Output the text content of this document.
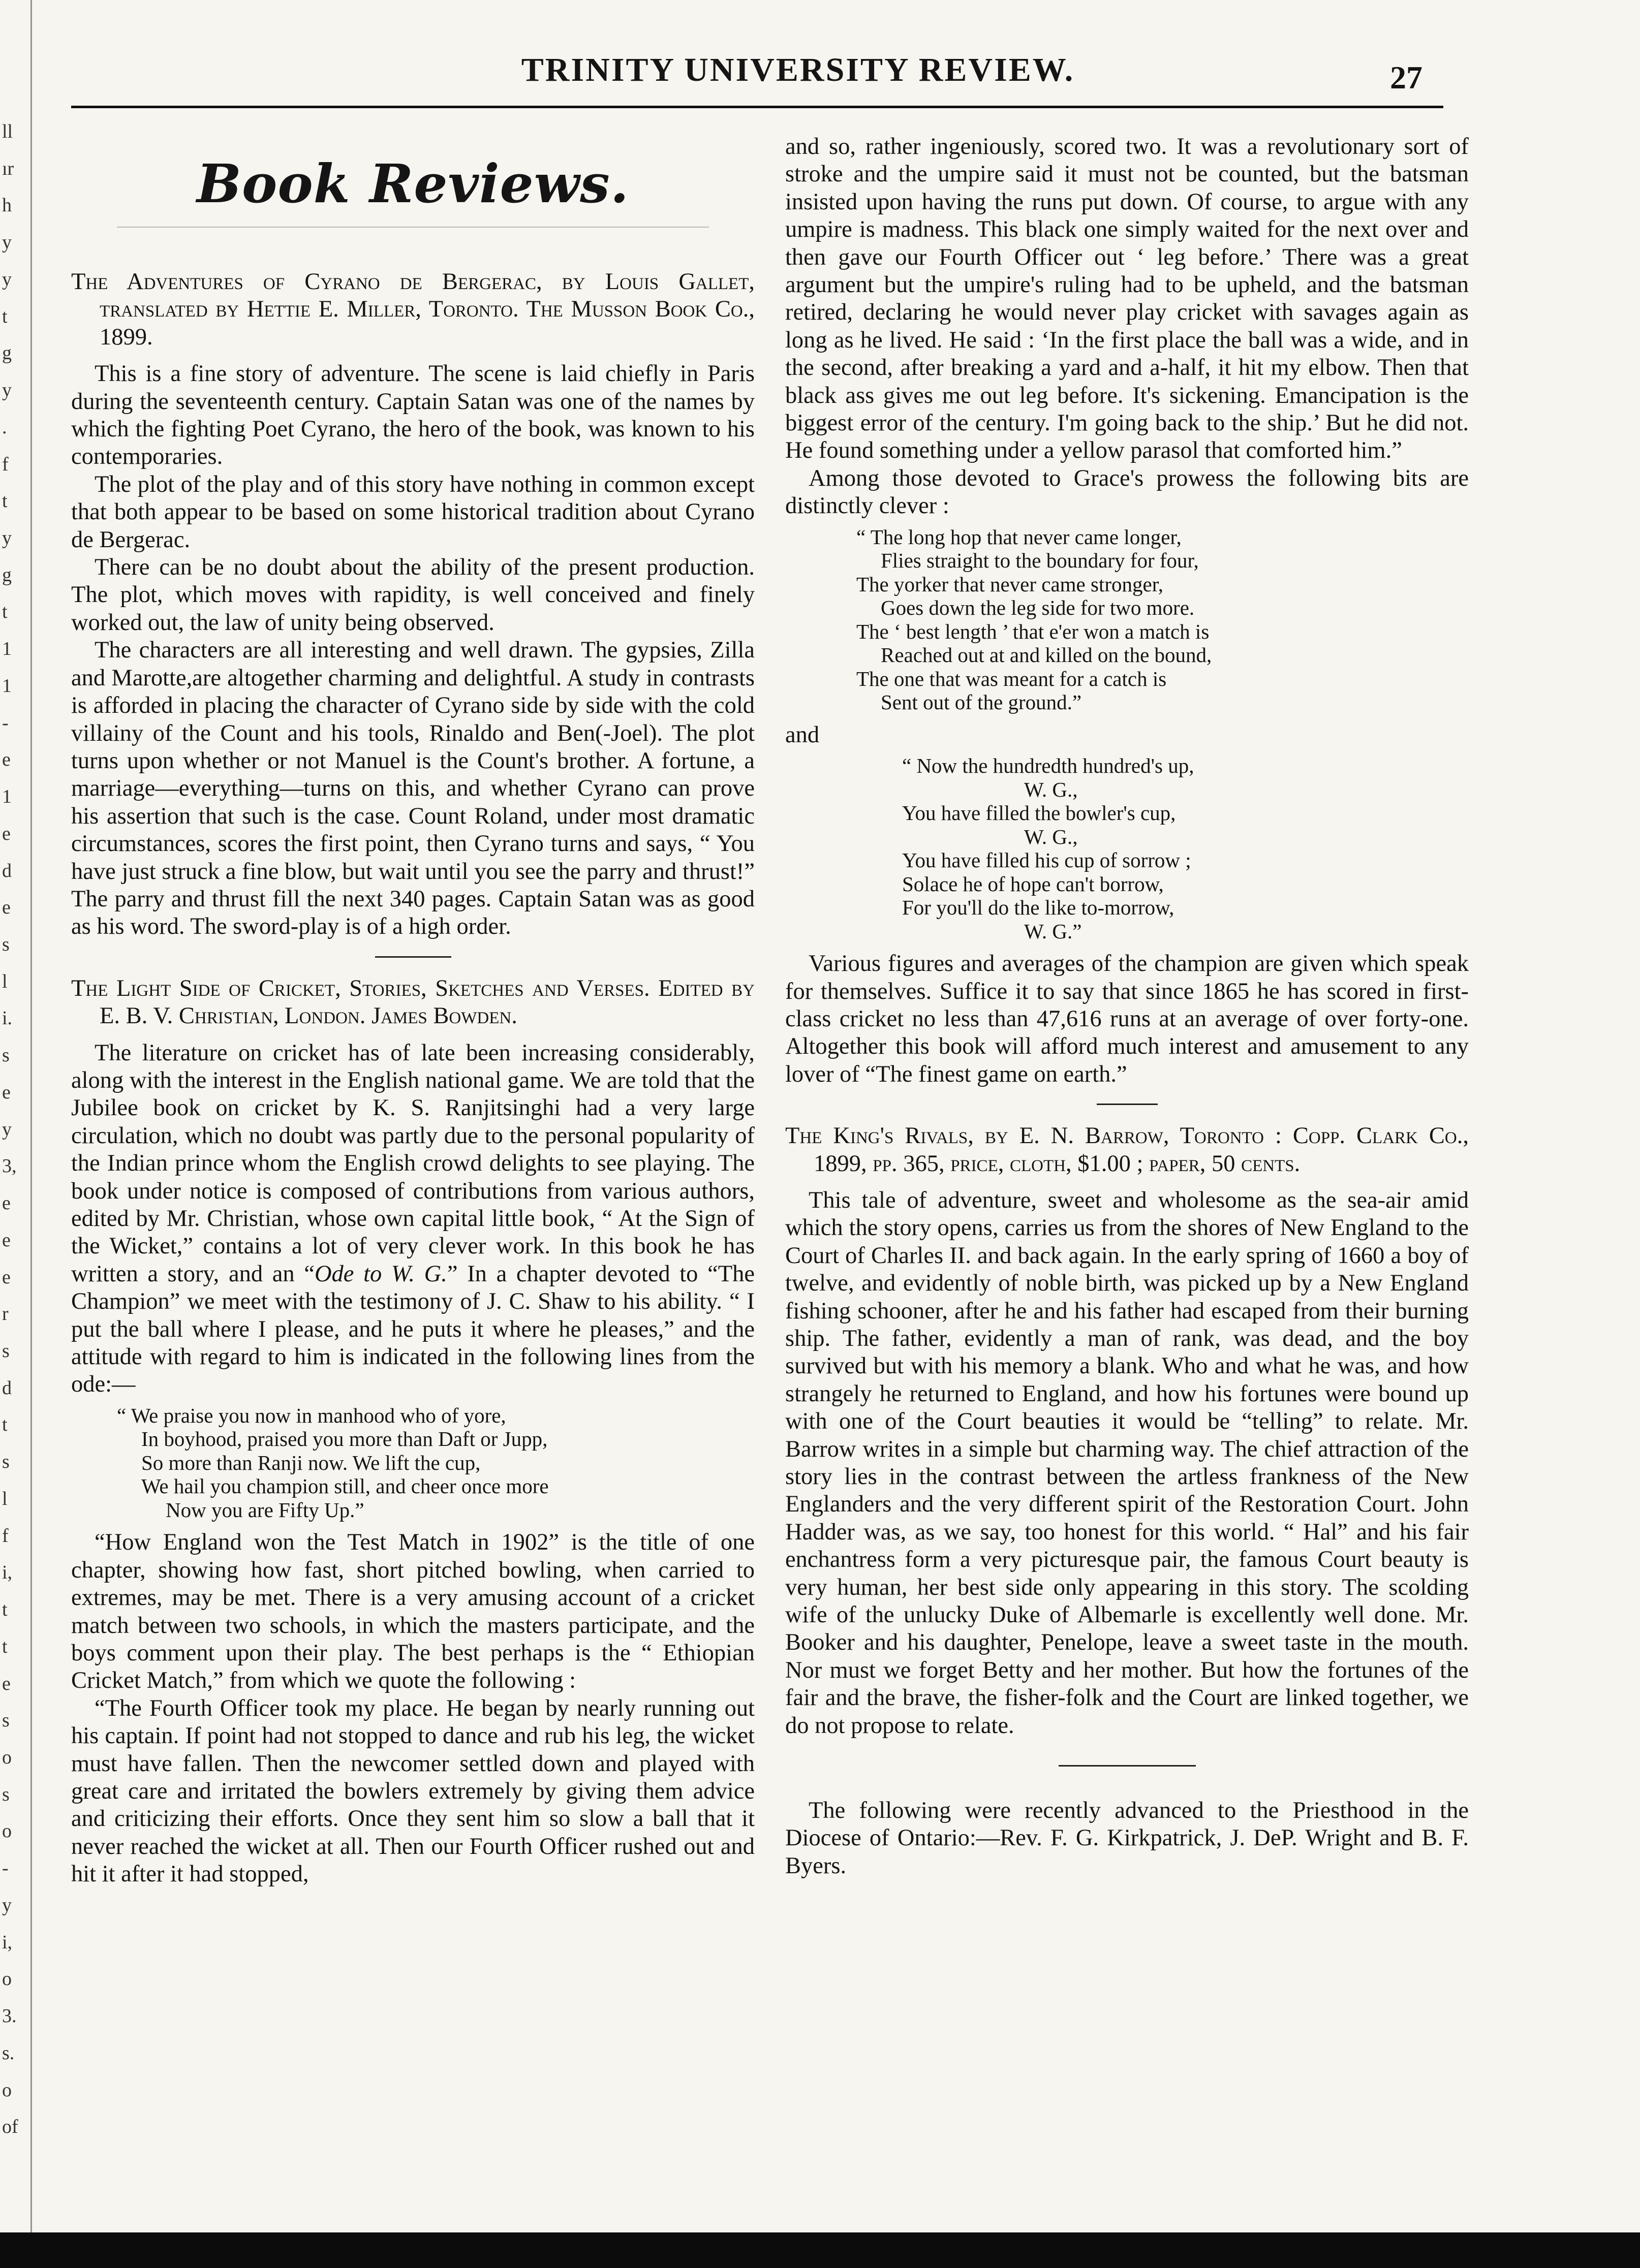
ll
ır
h
y
y
t
g
y
.
f
t
y
g
t
1
1
-
e
1
e
d
e
s
l
i.
s
e
y
3,
e
e
e
r
s
d
t
s
l
f
i,
t
t
e
s
o
s
o
-
y
i,
o
3.
s.
o
of
TRINITY UNIVERSITY REVIEW.	27
Book Reviews.

The Adventures of Cyrano de Bergerac, by Louis Gallet, translated by Hettie E. Miller, Toronto. The Musson Book Co., 1899.

This is a fine story of adventure. The scene is laid chiefly in Paris during the seventeenth century. Captain Satan was one of the names by which the fighting Poet Cyrano, the hero of the book, was known to his contemporaries.

The plot of the play and of this story have nothing in common except that both appear to be based on some historical tradition about Cyrano de Bergerac.

There can be no doubt about the ability of the present production. The plot, which moves with rapidity, is well conceived and finely worked out, the law of unity being observed.

The characters are all interesting and well drawn. The gypsies, Zilla and Marotte,are altogether charming and delightful. A study in contrasts is afforded in placing the character of Cyrano side by side with the cold villainy of the Count and his tools, Rinaldo and Ben(-Joel). The plot turns upon whether or not Manuel is the Count's brother. A fortune, a marriage—everything—turns on this, and whether Cyrano can prove his assertion that such is the case. Count Roland, under most dramatic circumstances, scores the first point, then Cyrano turns and says, “ You have just struck a fine blow, but wait until you see the parry and thrust!” The parry and thrust fill the next 340 pages. Captain Satan was as good as his word. The sword-play is of a high order.

The Light Side of Cricket, Stories, Sketches and Verses. Edited by E. B. V. Christian, London. James Bowden.

The literature on cricket has of late been increasing considerably, along with the interest in the English national game. We are told that the Jubilee book on cricket by K. S. Ranjitsinghi had a very large circulation, which no doubt was partly due to the personal popularity of the Indian prince whom the English crowd delights to see playing. The book under notice is composed of contributions from various authors, edited by Mr. Christian, whose own capital little book, “ At the Sign of the Wicket,” contains a lot of very clever work. In this book he has written a story, and an “Ode to W. G.” In a chapter devoted to “The Champion” we meet with the testimony of J. C. Shaw to his ability. “ I put the ball where I please, and he puts it where he pleases,” and the attitude with regard to him is indicated in the following lines from the ode:—

“ We praise you now in manhood who of yore,
In boyhood, praised you more than Daft or Jupp,
So more than Ranji now. We lift the cup,
We hail you champion still, and cheer once more
Now you are Fifty Up.”

“How England won the Test Match in 1902” is the title of one chapter, showing how fast, short pitched bowling, when carried to extremes, may be met. There is a very amusing account of a cricket match between two schools, in which the masters participate, and the boys comment upon their play. The best perhaps is the “ Ethiopian Cricket Match,” from which we quote the following :

“The Fourth Officer took my place. He began by nearly running out his captain. If point had not stopped to dance and rub his leg, the wicket must have fallen. Then the newcomer settled down and played with great care and irritated the bowlers extremely by giving them advice and criticizing their efforts. Once they sent him so slow a ball that it never reached the wicket at all. Then our Fourth Officer rushed out and hit it after it had stopped,

and so, rather ingeniously, scored two. It was a revolutionary sort of stroke and the umpire said it must not be counted, but the batsman insisted upon having the runs put down. Of course, to argue with any umpire is madness. This black one simply waited for the next over and then gave our Fourth Officer out ‘ leg before.’ There was a great argument but the umpire's ruling had to be upheld, and the batsman retired, declaring he would never play cricket with savages again as long as he lived. He said : ‘In the first place the ball was a wide, and in the second, after breaking a yard and a-half, it hit my elbow. Then that black ass gives me out leg before. It's sickening. Emancipation is the biggest error of the century. I'm going back to the ship.’ But he did not. He found something under a yellow parasol that comforted him.”

Among those devoted to Grace's prowess the following bits are distinctly clever :

“ The long hop that never came longer,
Flies straight to the boundary for four,
The yorker that never came stronger,
Goes down the leg side for two more.
The ‘ best length ’ that e'er won a match is
Reached out at and killed on the bound,
The one that was meant for a catch is
Sent out of the ground.”

and

“ Now the hundredth hundred's up,
W. G.,
You have filled the bowler's cup,
W. G.,
You have filled his cup of sorrow ;
Solace he of hope can't borrow,
For you'll do the like to-morrow,
W. G.”

Various figures and averages of the champion are given which speak for themselves. Suffice it to say that since 1865 he has scored in first-class cricket no less than 47,616 runs at an average of over forty-one. Altogether this book will afford much interest and amusement to any lover of “The finest game on earth.”

The King's Rivals, by E. N. Barrow, Toronto : Copp. Clark Co., 1899, pp. 365, price, cloth, $1.00 ; paper, 50 cents.

This tale of adventure, sweet and wholesome as the sea-air amid which the story opens, carries us from the shores of New England to the Court of Charles II. and back again. In the early spring of 1660 a boy of twelve, and evidently of noble birth, was picked up by a New England fishing schooner, after he and his father had escaped from their burning ship. The father, evidently a man of rank, was dead, and the boy survived but with his memory a blank. Who and what he was, and how strangely he returned to England, and how his fortunes were bound up with one of the Court beauties it would be “telling” to relate. Mr. Barrow writes in a simple but charming way. The chief attraction of the story lies in the contrast between the artless frankness of the New Englanders and the very different spirit of the Restoration Court. John Hadder was, as we say, too honest for this world. “ Hal” and his fair enchantress form a very picturesque pair, the famous Court beauty is very human, her best side only appearing in this story. The scolding wife of the unlucky Duke of Albemarle is excellently well done. Mr. Booker and his daughter, Penelope, leave a sweet taste in the mouth. Nor must we forget Betty and her mother. But how the fortunes of the fair and the brave, the fisher-folk and the Court are linked together, we do not propose to relate.

The following were recently advanced to the Priesthood in the Diocese of Ontario:—Rev. F. G. Kirkpatrick, J. DeP. Wright and B. F. Byers.
